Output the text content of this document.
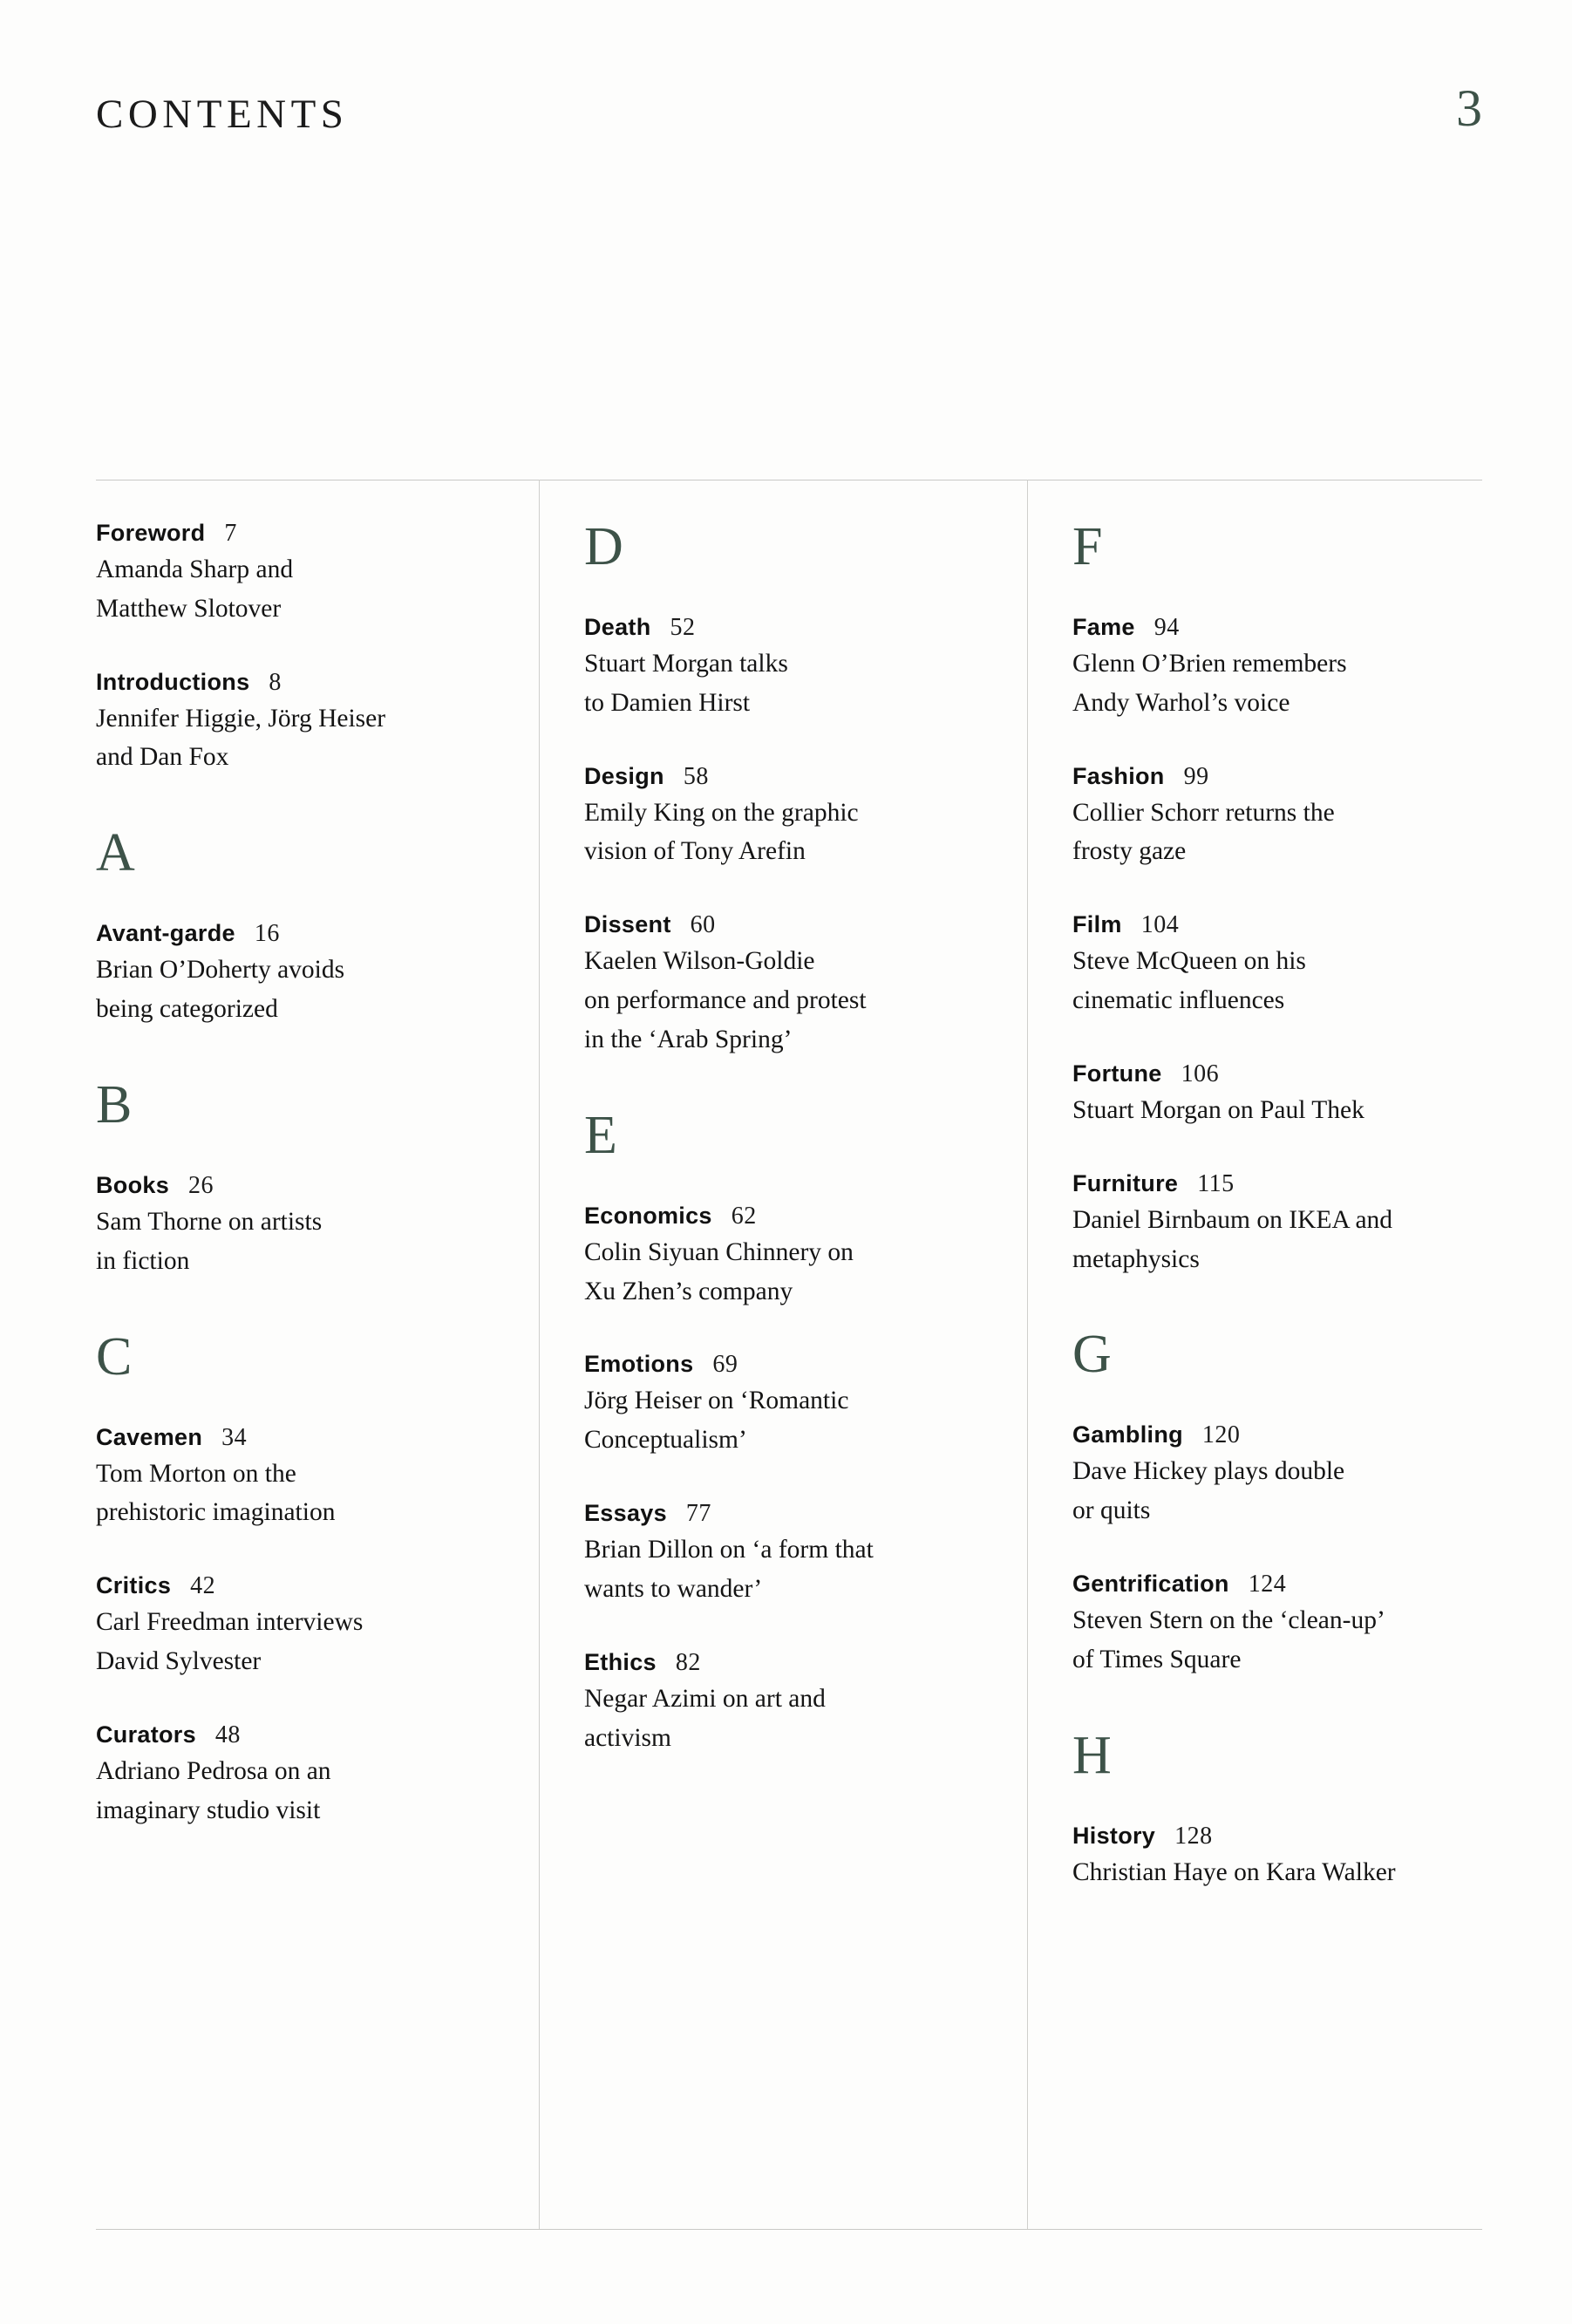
CONTENTS	3
Foreword 7
Amanda Sharp and
Matthew Slotover
Introductions 8
Jennifer Higgie, Jörg Heiser
and Dan Fox
A
Avant-garde 16
Brian O’Doherty avoids
being categorized
B
Books 26
Sam Thorne on artists
in fiction
C
Cavemen 34
Tom Morton on the
prehistoric imagination
Critics 42
Carl Freedman interviews
David Sylvester
Curators 48
Adriano Pedrosa on an
imaginary studio visit
D
Death 52
Stuart Morgan talks
to Damien Hirst
Design 58
Emily King on the graphic
vision of Tony Arefin
Dissent 60
Kaelen Wilson-Goldie
on performance and protest
in the ‘Arab Spring’
E
Economics 62
Colin Siyuan Chinnery on
Xu Zhen’s company
Emotions 69
Jörg Heiser on ‘Romantic
Conceptualism’
Essays 77
Brian Dillon on ‘a form that
wants to wander’
Ethics 82
Negar Azimi on art and
activism
F
Fame 94
Glenn O’Brien remembers
Andy Warhol’s voice
Fashion 99
Collier Schorr returns the
frosty gaze
Film 104
Steve McQueen on his
cinematic influences
Fortune 106
Stuart Morgan on Paul Thek
Furniture 115
Daniel Birnbaum on IKEA and
metaphysics
G
Gambling 120
Dave Hickey plays double
or quits
Gentrification 124
Steven Stern on the ‘clean-up’
of Times Square
H
History 128
Christian Haye on Kara Walker
